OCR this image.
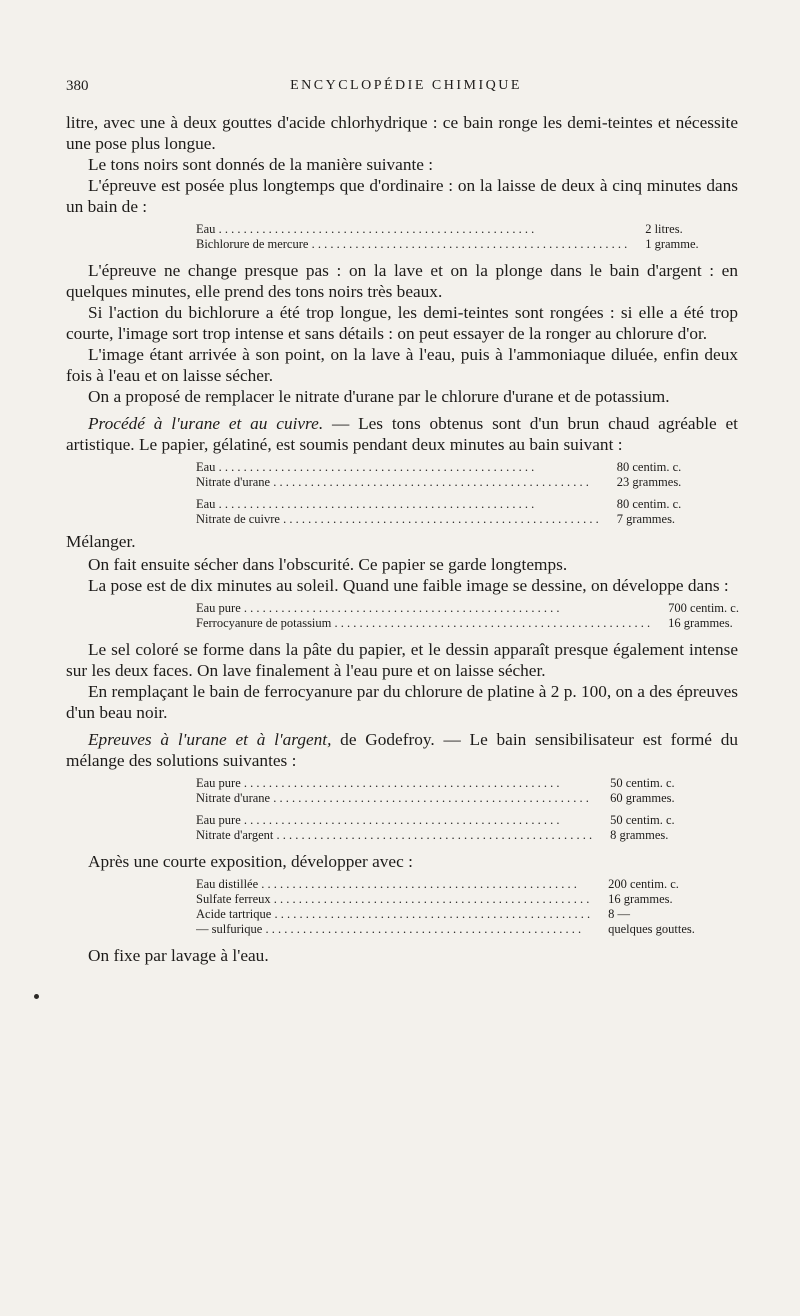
380	ENCYCLOPÉDIE CHIMIQUE

litre, avec une à deux gouttes d'acide chlorhydrique : ce bain ronge les demi-teintes et nécessite une pose plus longue.

Le tons noirs sont donnés de la manière suivante :

L'épreuve est posée plus longtemps que d'ordinaire : on la laisse de deux à cinq minutes dans un bain de :

Eau . . .	2 litres.
Bichlorure de mercure . . .	1 gramme.

L'épreuve ne change presque pas : on la lave et on la plonge dans le bain d'argent : en quelques minutes, elle prend des tons noirs très beaux.

Si l'action du bichlorure a été trop longue, les demi-teintes sont rongées : si elle a été trop courte, l'image sort trop intense et sans détails : on peut essayer de la ronger au chlorure d'or.

L'image étant arrivée à son point, on la lave à l'eau, puis à l'ammoniaque diluée, enfin deux fois à l'eau et on laisse sécher.

On a proposé de remplacer le nitrate d'urane par le chlorure d'urane et de potassium.

Procédé à l'urane et au cuivre. — Les tons obtenus sont d'un brun chaud agréable et artistique. Le papier, gélatiné, est soumis pendant deux minutes au bain suivant :

Eau . . .	80 centim. c.
Nitrate d'urane . . .	23 grammes.
Eau . . .	80 centim. c.
Nitrate de cuivre . . .	7 grammes.

Mélanger.

On fait ensuite sécher dans l'obscurité. Ce papier se garde longtemps.

La pose est de dix minutes au soleil. Quand une faible image se dessine, on développe dans :

Eau pure . . .	700 centim. c.
Ferrocyanure de potassium . . .	16 grammes.

Le sel coloré se forme dans la pâte du papier, et le dessin apparaît presque également intense sur les deux faces. On lave finalement à l'eau pure et on laisse sécher.

En remplaçant le bain de ferrocyanure par du chlorure de platine à 2 p. 100, on a des épreuves d'un beau noir.

Epreuves à l'urane et à l'argent, de Godefroy. — Le bain sensibilisateur est formé du mélange des solutions suivantes :

Eau pure . . .	50 centim. c.
Nitrate d'urane . . .	60 grammes.
Eau pure . . .	50 centim. c.
Nitrate d'argent . . .	8 grammes.

Après une courte exposition, développer avec :

Eau distillée . . .	200 centim. c.
Sulfate ferreux . . .	16 grammes.
Acide tartrique . . .	8 —
— sulfurique . . .	quelques gouttes.

On fixe par lavage à l'eau.
